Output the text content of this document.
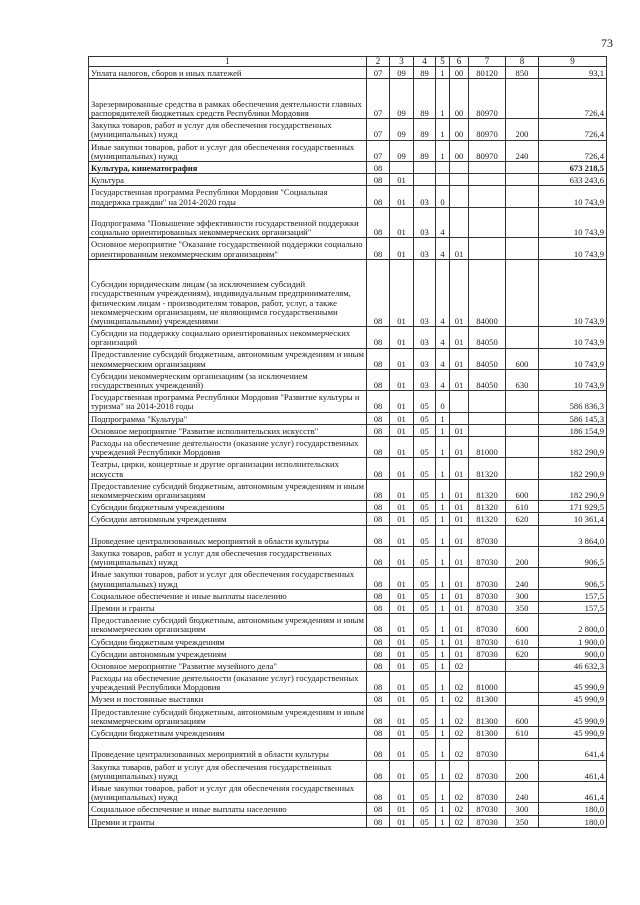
73
1	2	3	4	5	6	7	8	9
Уплата налогов, сборов и иных платежей	07	09	89	1	00	80120	850	93,1
Зарезервированные средства в рамках обеспечения деятельности главных распорядителей бюджетных средств Республики Мордовия	07	09	89	1	00	80970		726,4
Закупка товаров, работ и услуг для обеспечения государственных (муниципальных) нужд	07	09	89	1	00	80970	200	726,4
Иные закупки товаров, работ и услуг для обеспечения государственных (муниципальных) нужд	07	09	89	1	00	80970	240	726,4
Культура, кинематография	08							673 218,5
Культура	08	01						633 243,6
Государственная программа Республики Мордовия "Социальная поддержка граждан" на 2014-2020 годы	08	01	03	0				10 743,9
Подпрограмма "Повышение эффективности государственной поддержки социально ориентированных некоммерческих организаций"	08	01	03	4				10 743,9
Основное мероприятие "Оказание государственной поддержки социально ориентированным некоммерческим организациям"	08	01	03	4	01			10 743,9
Субсидии юридическим лицам (за исключением субсидий государственным учреждениям), индивидуальным предпринимателям, физическим лицам - производителям товаров, работ, услуг, а также некоммерческим организациям, не являющимся государственными (муниципальными) учреждениями	08	01	03	4	01	84000		10 743,9
Субсидии на поддержку социально ориентированных некоммерческих организаций	08	01	03	4	01	84050		10 743,9
Предоставление субсидий бюджетным, автономным учреждениям и иным некоммерческим организациям	08	01	03	4	01	84050	600	10 743,9
Субсидии некоммерческим организациям (за исключением государственных учреждений)	08	01	03	4	01	84050	630	10 743,9
Государственная программа Республики Мордовия "Развитие культуры и туризма" на 2014-2018 годы	08	01	05	0				586 836,3
Подпрограмма "Культура"	08	01	05	1				586 145,3
Основное мероприятие "Развитие исполнительских искусств"	08	01	05	1	01			186 154,9
Расходы на обеспечение деятельности (оказание услуг) государственных учреждений Республики Мордовия	08	01	05	1	01	81000		182 290,9
Театры, цирки, концертные и другие организации исполнительских искусств	08	01	05	1	01	81320		182 290,9
Предоставление субсидий бюджетным, автономным учреждениям и иным некоммерческим организациям	08	01	05	1	01	81320	600	182 290,9
Субсидии бюджетным учреждениям	08	01	05	1	01	81320	610	171 929,5
Субсидии автономным учреждениям	08	01	05	1	01	81320	620	10 361,4
Проведение централизованных мероприятий в области культуры	08	01	05	1	01	87030		3 864,0
Закупка товаров, работ и услуг для обеспечения государственных (муниципальных) нужд	08	01	05	1	01	87030	200	906,5
Иные закупки товаров, работ и услуг для обеспечения государственных (муниципальных) нужд	08	01	05	1	01	87030	240	906,5
Социальное обеспечение и иные выплаты населению	08	01	05	1	01	87030	300	157,5
Премии и гранты	08	01	05	1	01	87030	350	157,5
Предоставление субсидий бюджетным, автономным учреждениям и иным некоммерческим организациям	08	01	05	1	01	87030	600	2 800,0
Субсидии бюджетным учреждениям	08	01	05	1	01	87030	610	1 900,0
Субсидии автономным учреждениям	08	01	05	1	01	87030	620	900,0
Основное мероприятие "Развитие музейного дела"	08	01	05	1	02			46 632,3
Расходы на обеспечение деятельности (оказание услуг) государственных учреждений Республики Мордовия	08	01	05	1	02	81000		45 990,9
Музеи и постоянные выставки	08	01	05	1	02	81300		45 990,9
Предоставление субсидий бюджетным, автономным учреждениям и иным некоммерческим организациям	08	01	05	1	02	81300	600	45 990,9
Субсидии бюджетным учреждениям	08	01	05	1	02	81300	610	45 990,9
Проведение централизованных мероприятий в области культуры	08	01	05	1	02	87030		641,4
Закупка товаров, работ и услуг для обеспечения государственных (муниципальных) нужд	08	01	05	1	02	87030	200	461,4
Иные закупки товаров, работ и услуг для обеспечения государственных (муниципальных) нужд	08	01	05	1	02	87030	240	461,4
Социальное обеспечение и иные выплаты населению	08	01	05	1	02	87030	300	180,0
Премии и гранты	08	01	05	1	02	87030	350	180,0
